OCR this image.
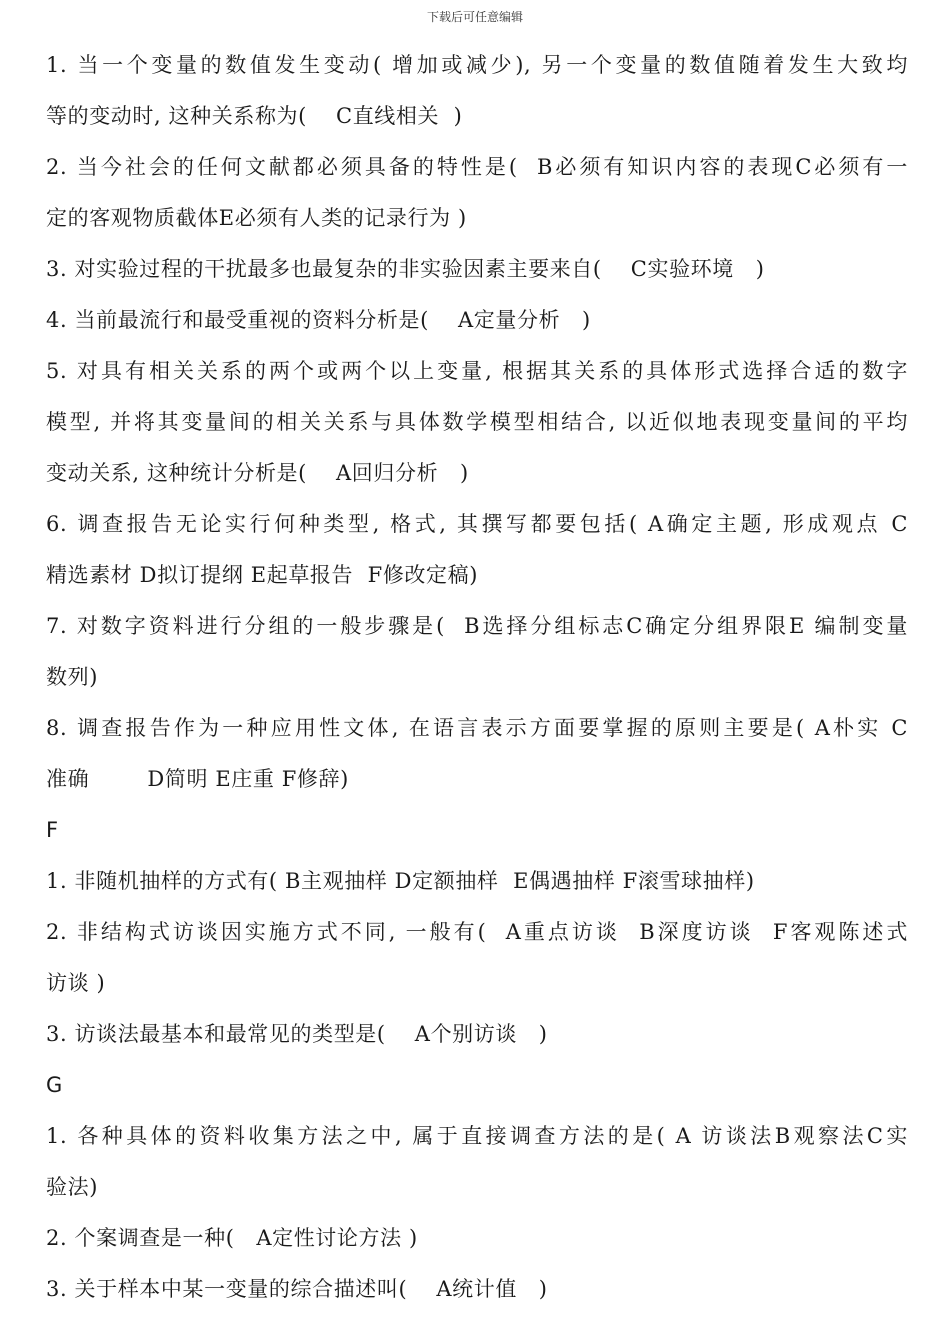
下载后可任意编辑
1. 当一个变量的数值发生变动( 增加或减少), 另一个变量的数值随着发生大致均
等的变动时, 这种关系称为(    C直线相关  )
2. 当今社会的任何文献都必须具备的特性是(  B必须有知识内容的表现C必须有一
定的客观物质截体E必须有人类的记录行为 )
3. 对实验过程的干扰最多也最复杂的非实验因素主要来自(    C实验环境   )
4. 当前最流行和最受重视的资料分析是(    A定量分析   )
5. 对具有相关关系的两个或两个以上变量, 根据其关系的具体形式选择合适的数字
模型, 并将其变量间的相关关系与具体数学模型相结合, 以近似地表现变量间的平均
变动关系, 这种统计分析是(    A回归分析   )
6. 调查报告无论实行何种类型, 格式, 其撰写都要包括( A确定主题, 形成观点 C
精选素材 D拟订提纲 E起草报告  F修改定稿)
7. 对数字资料进行分组的一般步骤是(  B选择分组标志C确定分组界限E 编制变量
数列)
8. 调查报告作为一种应用性文体, 在语言表示方面要掌握的原则主要是( A朴实 C
准确        D简明 E庄重 F修辞)
F
1. 非随机抽样的方式有( B主观抽样 D定额抽样  E偶遇抽样 F滚雪球抽样)
2. 非结构式访谈因实施方式不同, 一般有(  A重点访谈  B深度访谈  F客观陈述式
访谈 )
3. 访谈法最基本和最常见的类型是(    A个别访谈   )
G
1. 各种具体的资料收集方法之中, 属于直接调查方法的是( A 访谈法B观察法C实
验法)
2. 个案调查是一种(   A定性讨论方法 )
3. 关于样本中某一变量的综合描述叫(    A统计值   )
